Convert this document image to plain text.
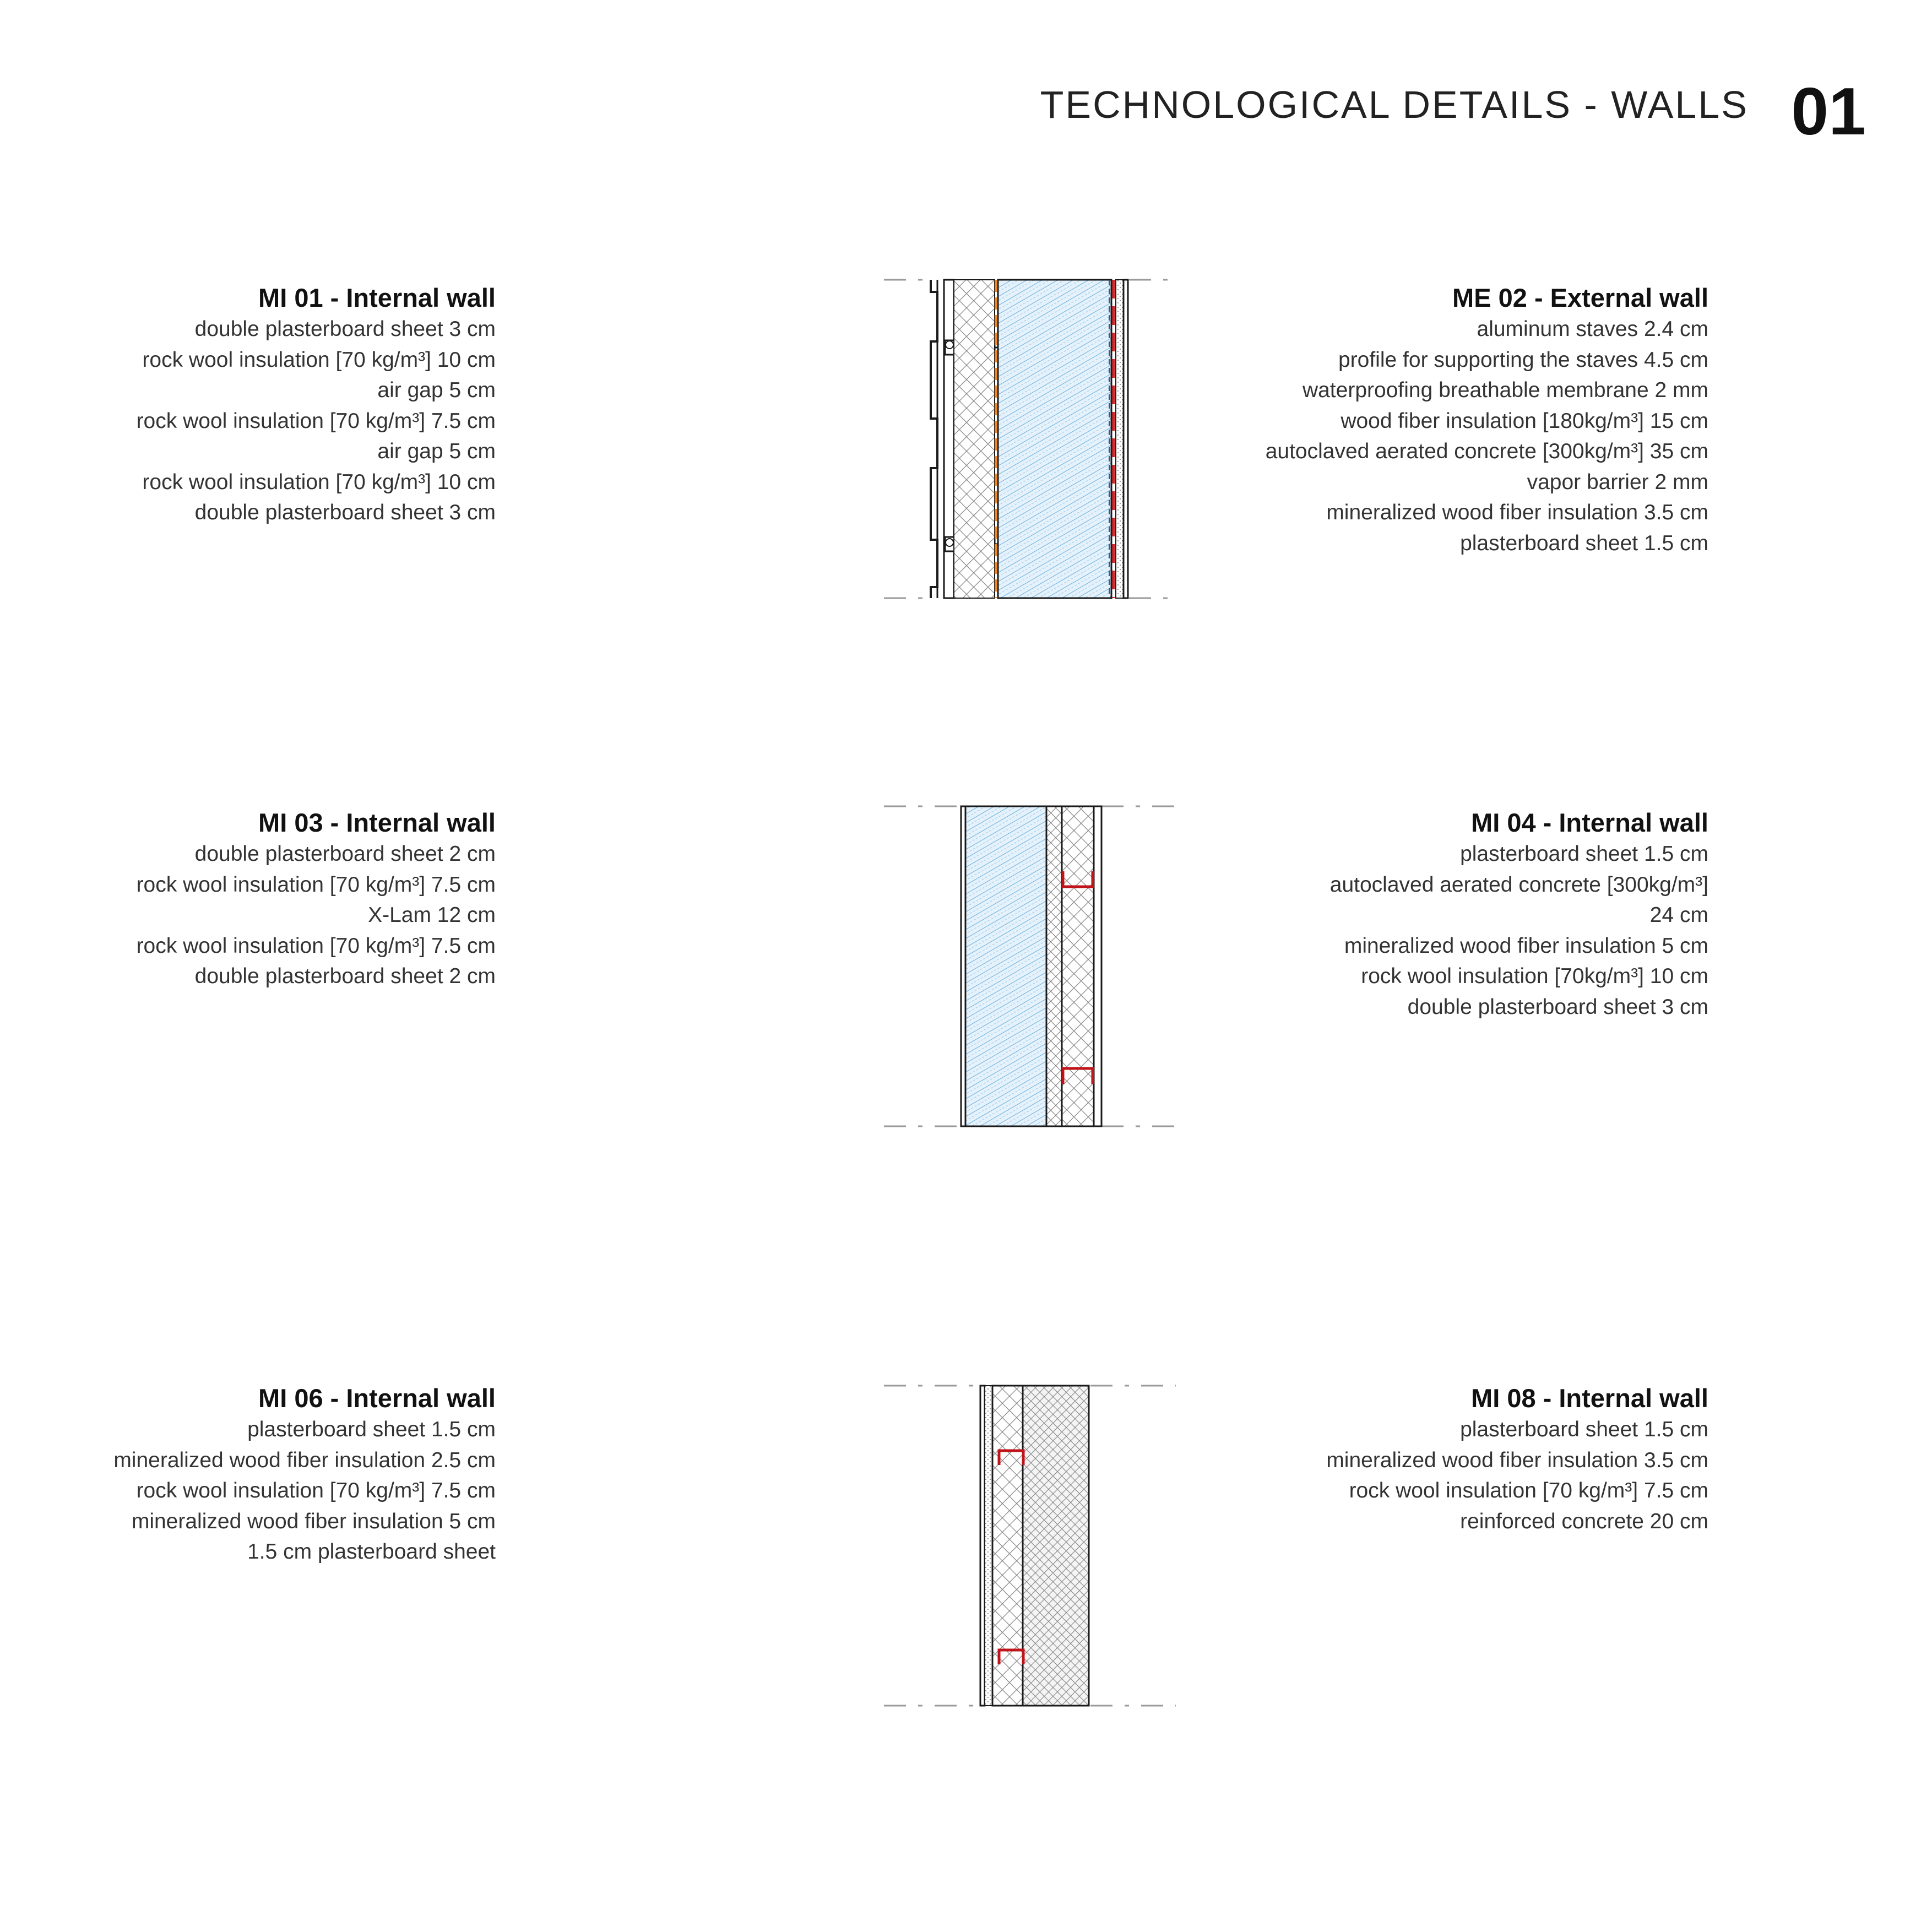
TECHNOLOGICAL DETAILS - WALLS 01
MI 01 - Internal wall
double plasterboard sheet 3 cm
rock wool insulation [70 kg/m³] 10 cm
air gap 5 cm
rock wool insulation [70 kg/m³] 7.5 cm
air gap 5 cm
rock wool insulation [70 kg/m³] 10 cm
double plasterboard sheet 3 cm
ME 02 - External wall
aluminum staves 2.4 cm
profile for supporting the staves 4.5 cm
waterproofing breathable membrane 2 mm
wood fiber insulation [180kg/m³] 15 cm
autoclaved aerated concrete [300kg/m³] 35 cm
vapor barrier 2 mm
mineralized wood fiber insulation 3.5 cm
plasterboard sheet 1.5 cm
MI 03 - Internal wall
double plasterboard sheet 2 cm
rock wool insulation [70 kg/m³] 7.5 cm
X-Lam 12 cm
rock wool insulation [70 kg/m³] 7.5 cm
double plasterboard sheet 2 cm
MI 04 - Internal wall
plasterboard sheet 1.5 cm
autoclaved aerated concrete [300kg/m³]
24 cm
mineralized wood fiber insulation 5 cm
rock wool insulation [70kg/m³] 10 cm
double plasterboard sheet 3 cm
MI 06 - Internal wall
plasterboard sheet 1.5 cm
mineralized wood fiber insulation 2.5 cm
rock wool insulation [70 kg/m³] 7.5 cm
mineralized wood fiber insulation 5 cm
1.5 cm plasterboard sheet
MI 08 - Internal wall
plasterboard sheet 1.5 cm
mineralized wood fiber insulation 3.5 cm
rock wool insulation [70 kg/m³] 7.5 cm
reinforced concrete 20 cm
